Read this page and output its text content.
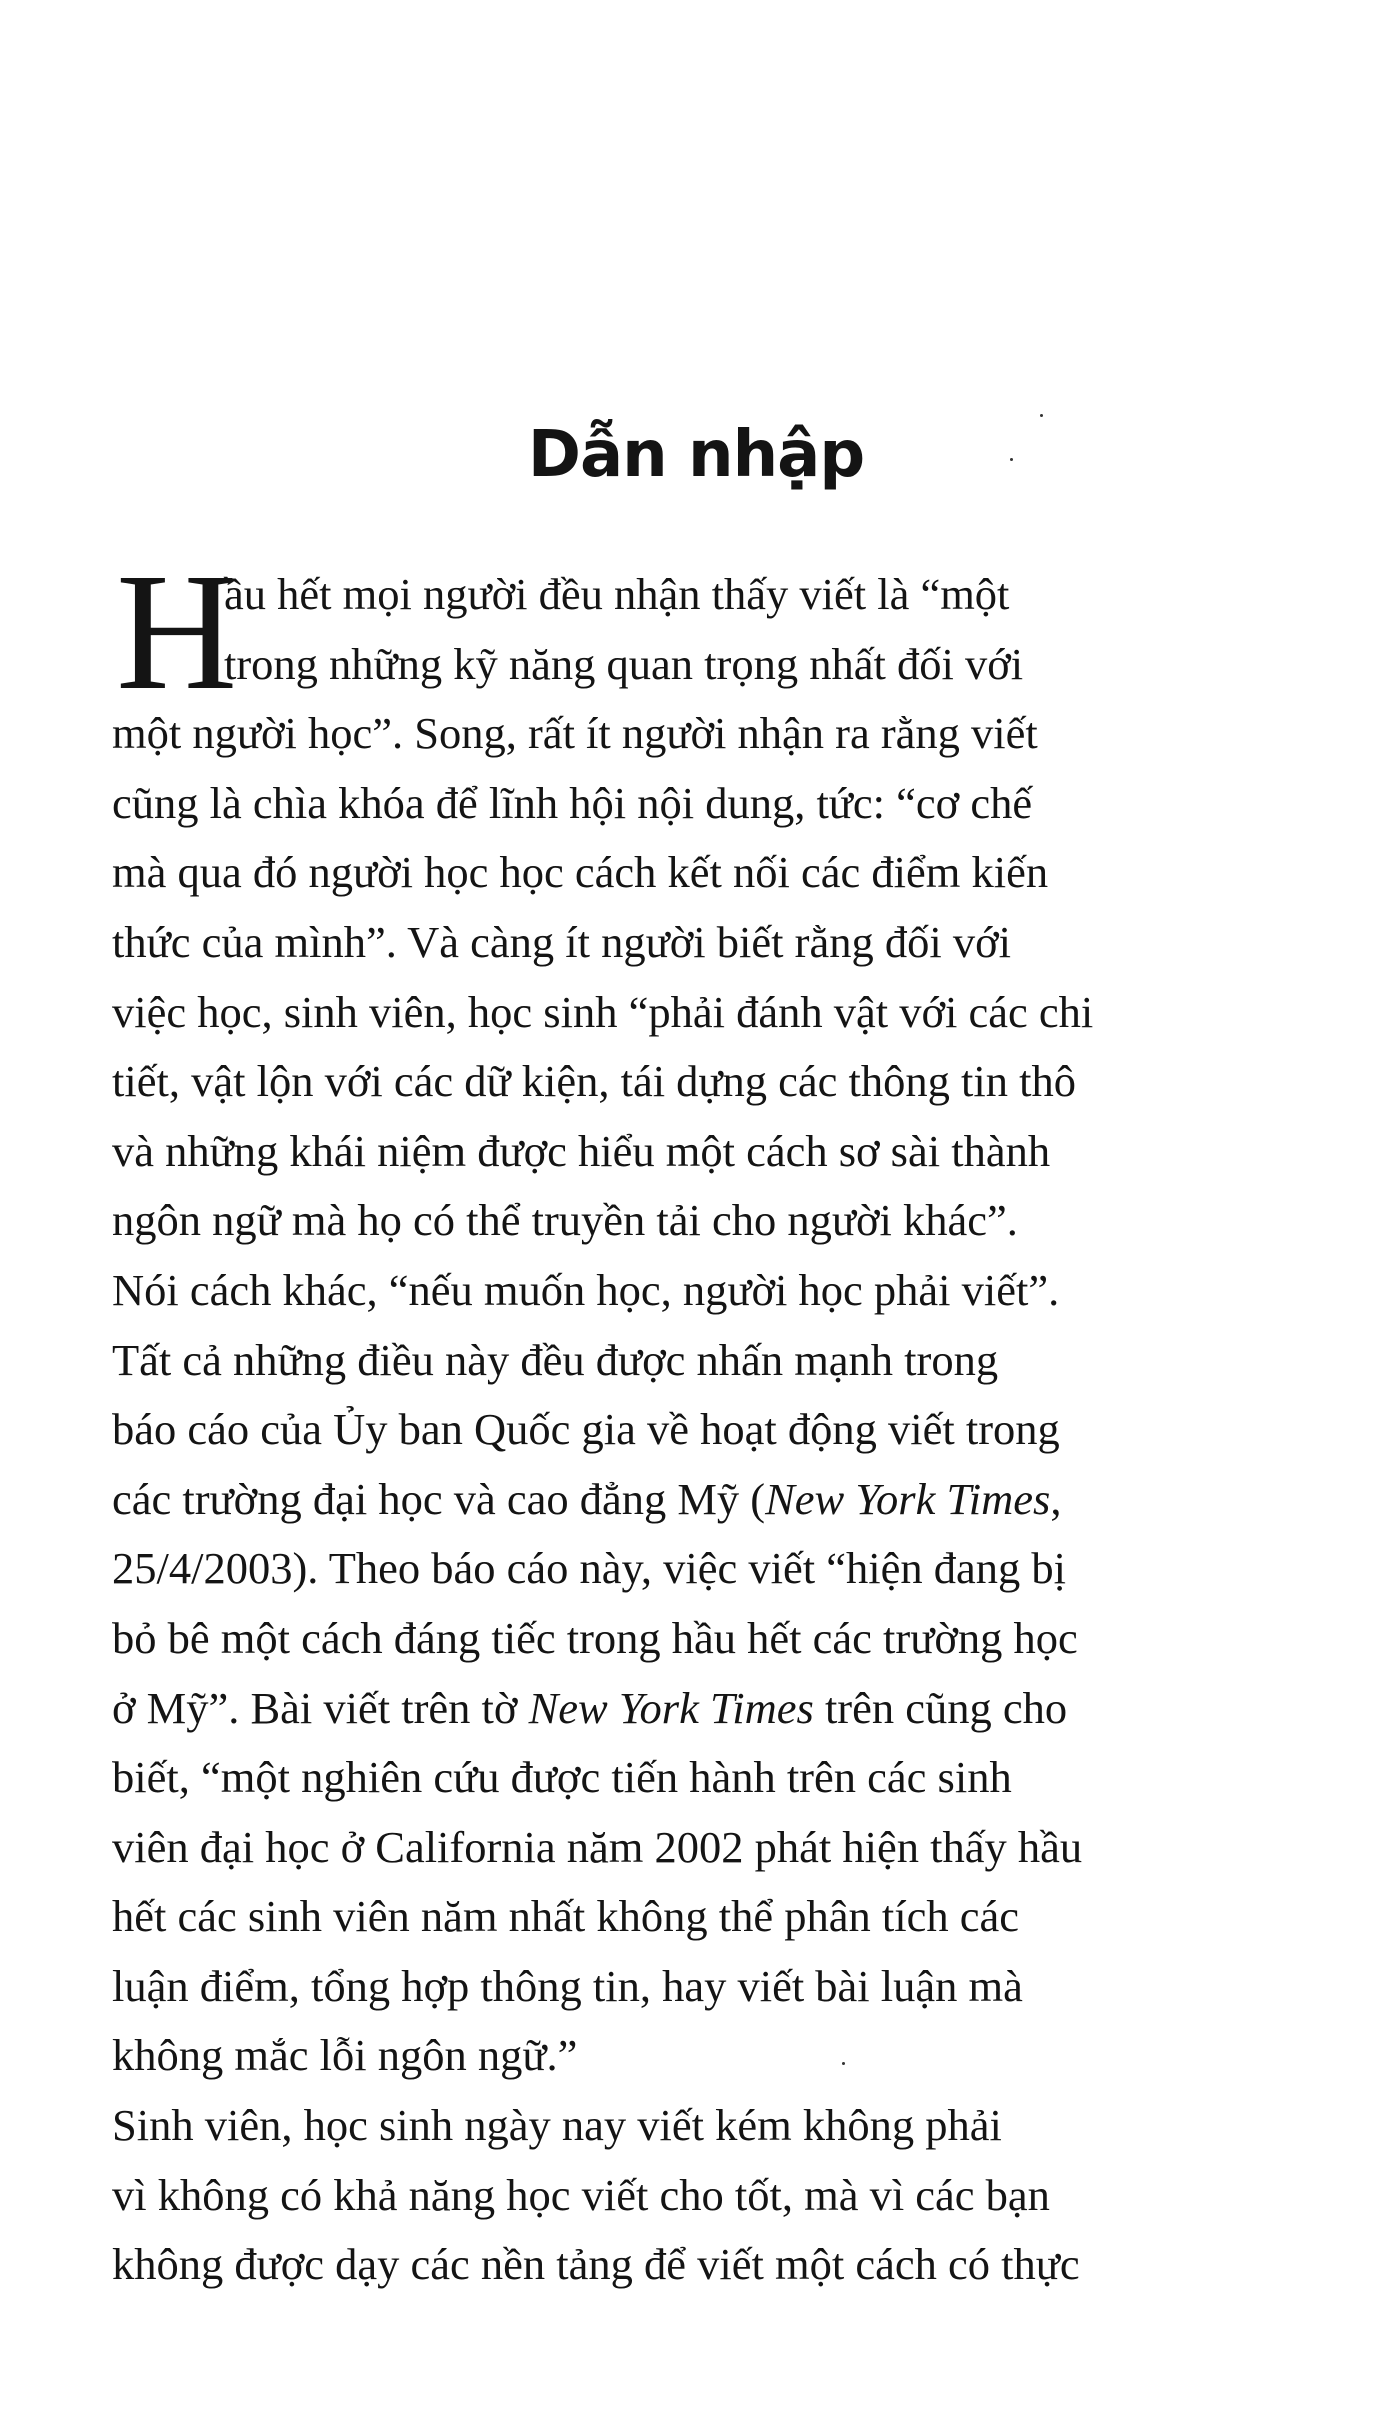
Dẫn nhập
H
ầu hết mọi người đều nhận thấy viết là “một
trong những kỹ năng quan trọng nhất đối với
một người học”. Song, rất ít người nhận ra rằng viết
cũng là chìa khóa để lĩnh hội nội dung, tức: “cơ chế
mà qua đó người học học cách kết nối các điểm kiến
thức của mình”. Và càng ít người biết rằng đối với
việc học, sinh viên, học sinh “phải đánh vật với các chi
tiết, vật lộn với các dữ kiện, tái dựng các thông tin thô
và những khái niệm được hiểu một cách sơ sài thành
ngôn ngữ mà họ có thể truyền tải cho người khác”.
Nói cách khác, “nếu muốn học, người học phải viết”.
Tất cả những điều này đều được nhấn mạnh trong
báo cáo của Ủy ban Quốc gia về hoạt động viết trong
các trường đại học và cao đẳng Mỹ (New York Times,
25/4/2003). Theo báo cáo này, việc viết “hiện đang bị
bỏ bê một cách đáng tiếc trong hầu hết các trường học
ở Mỹ”. Bài viết trên tờ New York Times trên cũng cho
biết, “một nghiên cứu được tiến hành trên các sinh
viên đại học ở California năm 2002 phát hiện thấy hầu
hết các sinh viên năm nhất không thể phân tích các
luận điểm, tổng hợp thông tin, hay viết bài luận mà
không mắc lỗi ngôn ngữ.”
Sinh viên, học sinh ngày nay viết kém không phải
vì không có khả năng học viết cho tốt, mà vì các bạn
không được dạy các nền tảng để viết một cách có thực
